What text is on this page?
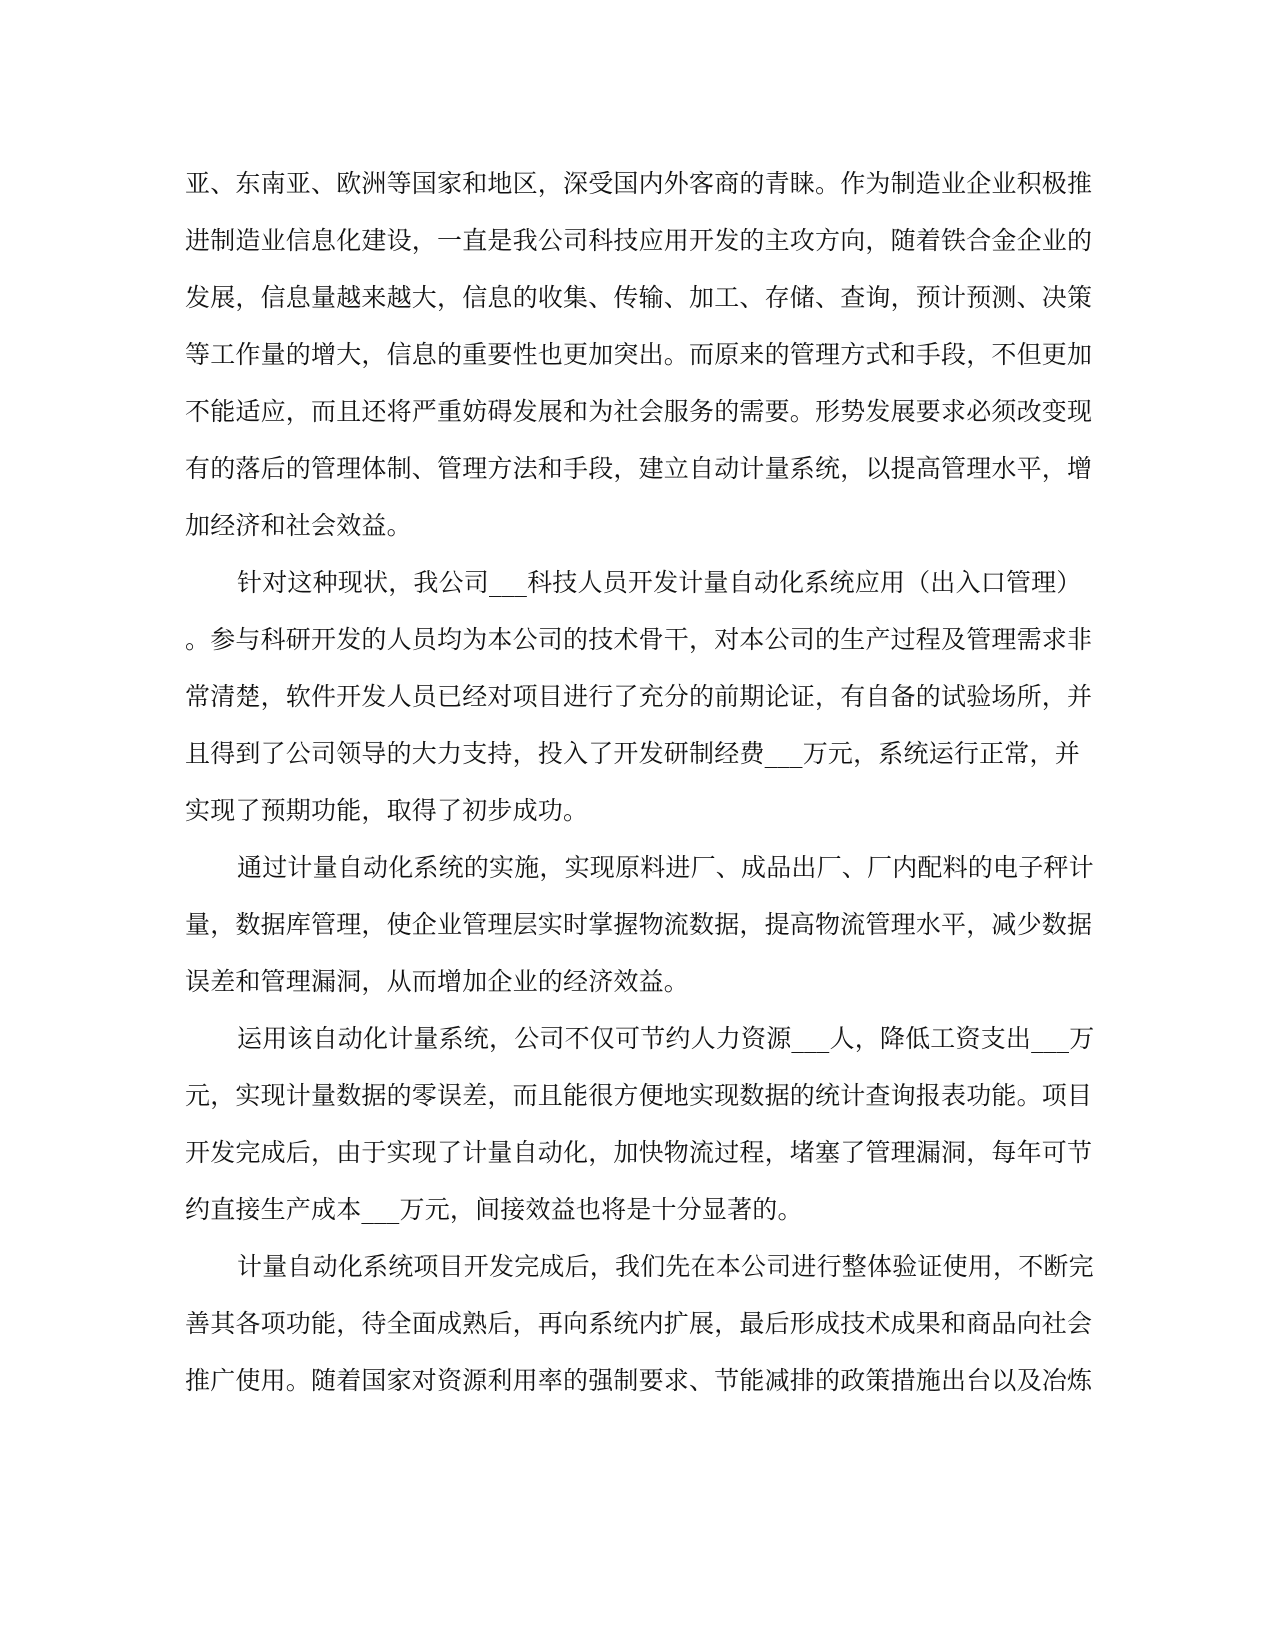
亚、东南亚、欧洲等国家和地区，深受国内外客商的青睐。作为制造业企业积极推
进制造业信息化建设，一直是我公司科技应用开发的主攻方向，随着铁合金企业的
发展，信息量越来越大，信息的收集、传输、加工、存储、查询，预计预测、决策
等工作量的增大，信息的重要性也更加突出。而原来的管理方式和手段，不但更加
不能适应，而且还将严重妨碍发展和为社会服务的需要。形势发展要求必须改变现
有的落后的管理体制、管理方法和手段，建立自动计量系统，以提高管理水平，增
加经济和社会效益。
针对这种现状，我公司___科技人员开发计量自动化系统应用（出入口管理）
。参与科研开发的人员均为本公司的技术骨干，对本公司的生产过程及管理需求非
常清楚，软件开发人员已经对项目进行了充分的前期论证，有自备的试验场所，并
且得到了公司领导的大力支持，投入了开发研制经费___万元，系统运行正常，并
实现了预期功能，取得了初步成功。
通过计量自动化系统的实施，实现原料进厂、成品出厂、厂内配料的电子秤计
量，数据库管理，使企业管理层实时掌握物流数据，提高物流管理水平，减少数据
误差和管理漏洞，从而增加企业的经济效益。
运用该自动化计量系统，公司不仅可节约人力资源___人，降低工资支出___万
元，实现计量数据的零误差，而且能很方便地实现数据的统计查询报表功能。项目
开发完成后，由于实现了计量自动化，加快物流过程，堵塞了管理漏洞，每年可节
约直接生产成本___万元，间接效益也将是十分显著的。
计量自动化系统项目开发完成后，我们先在本公司进行整体验证使用，不断完
善其各项功能，待全面成熟后，再向系统内扩展，最后形成技术成果和商品向社会
推广使用。随着国家对资源利用率的强制要求、节能减排的政策措施出台以及冶炼
